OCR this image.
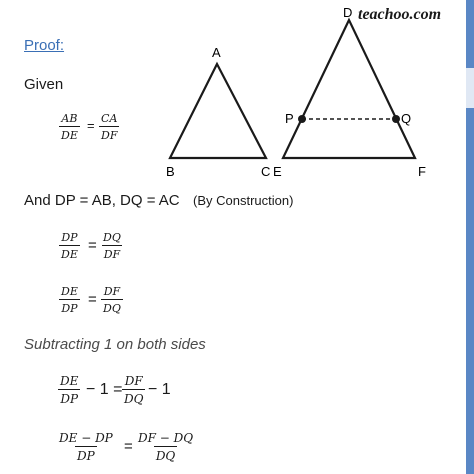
teachoo.com
Proof:
Given
$\frac{AB}{DE} = \frac{CA}{DF}$
A
B	C
D
E	F
P	Q
And DP = AB, DQ = AC (By Construction)
$\frac{DP}{DE} = \frac{DQ}{DF}$
$\frac{DE}{DP} = \frac{DF}{DQ}$
Subtracting 1 on both sides
$\frac{DE}{DP} - 1 = \frac{DF}{DQ} - 1$
$\frac{DE - DP}{DP} = \frac{DF - DQ}{DQ}$
